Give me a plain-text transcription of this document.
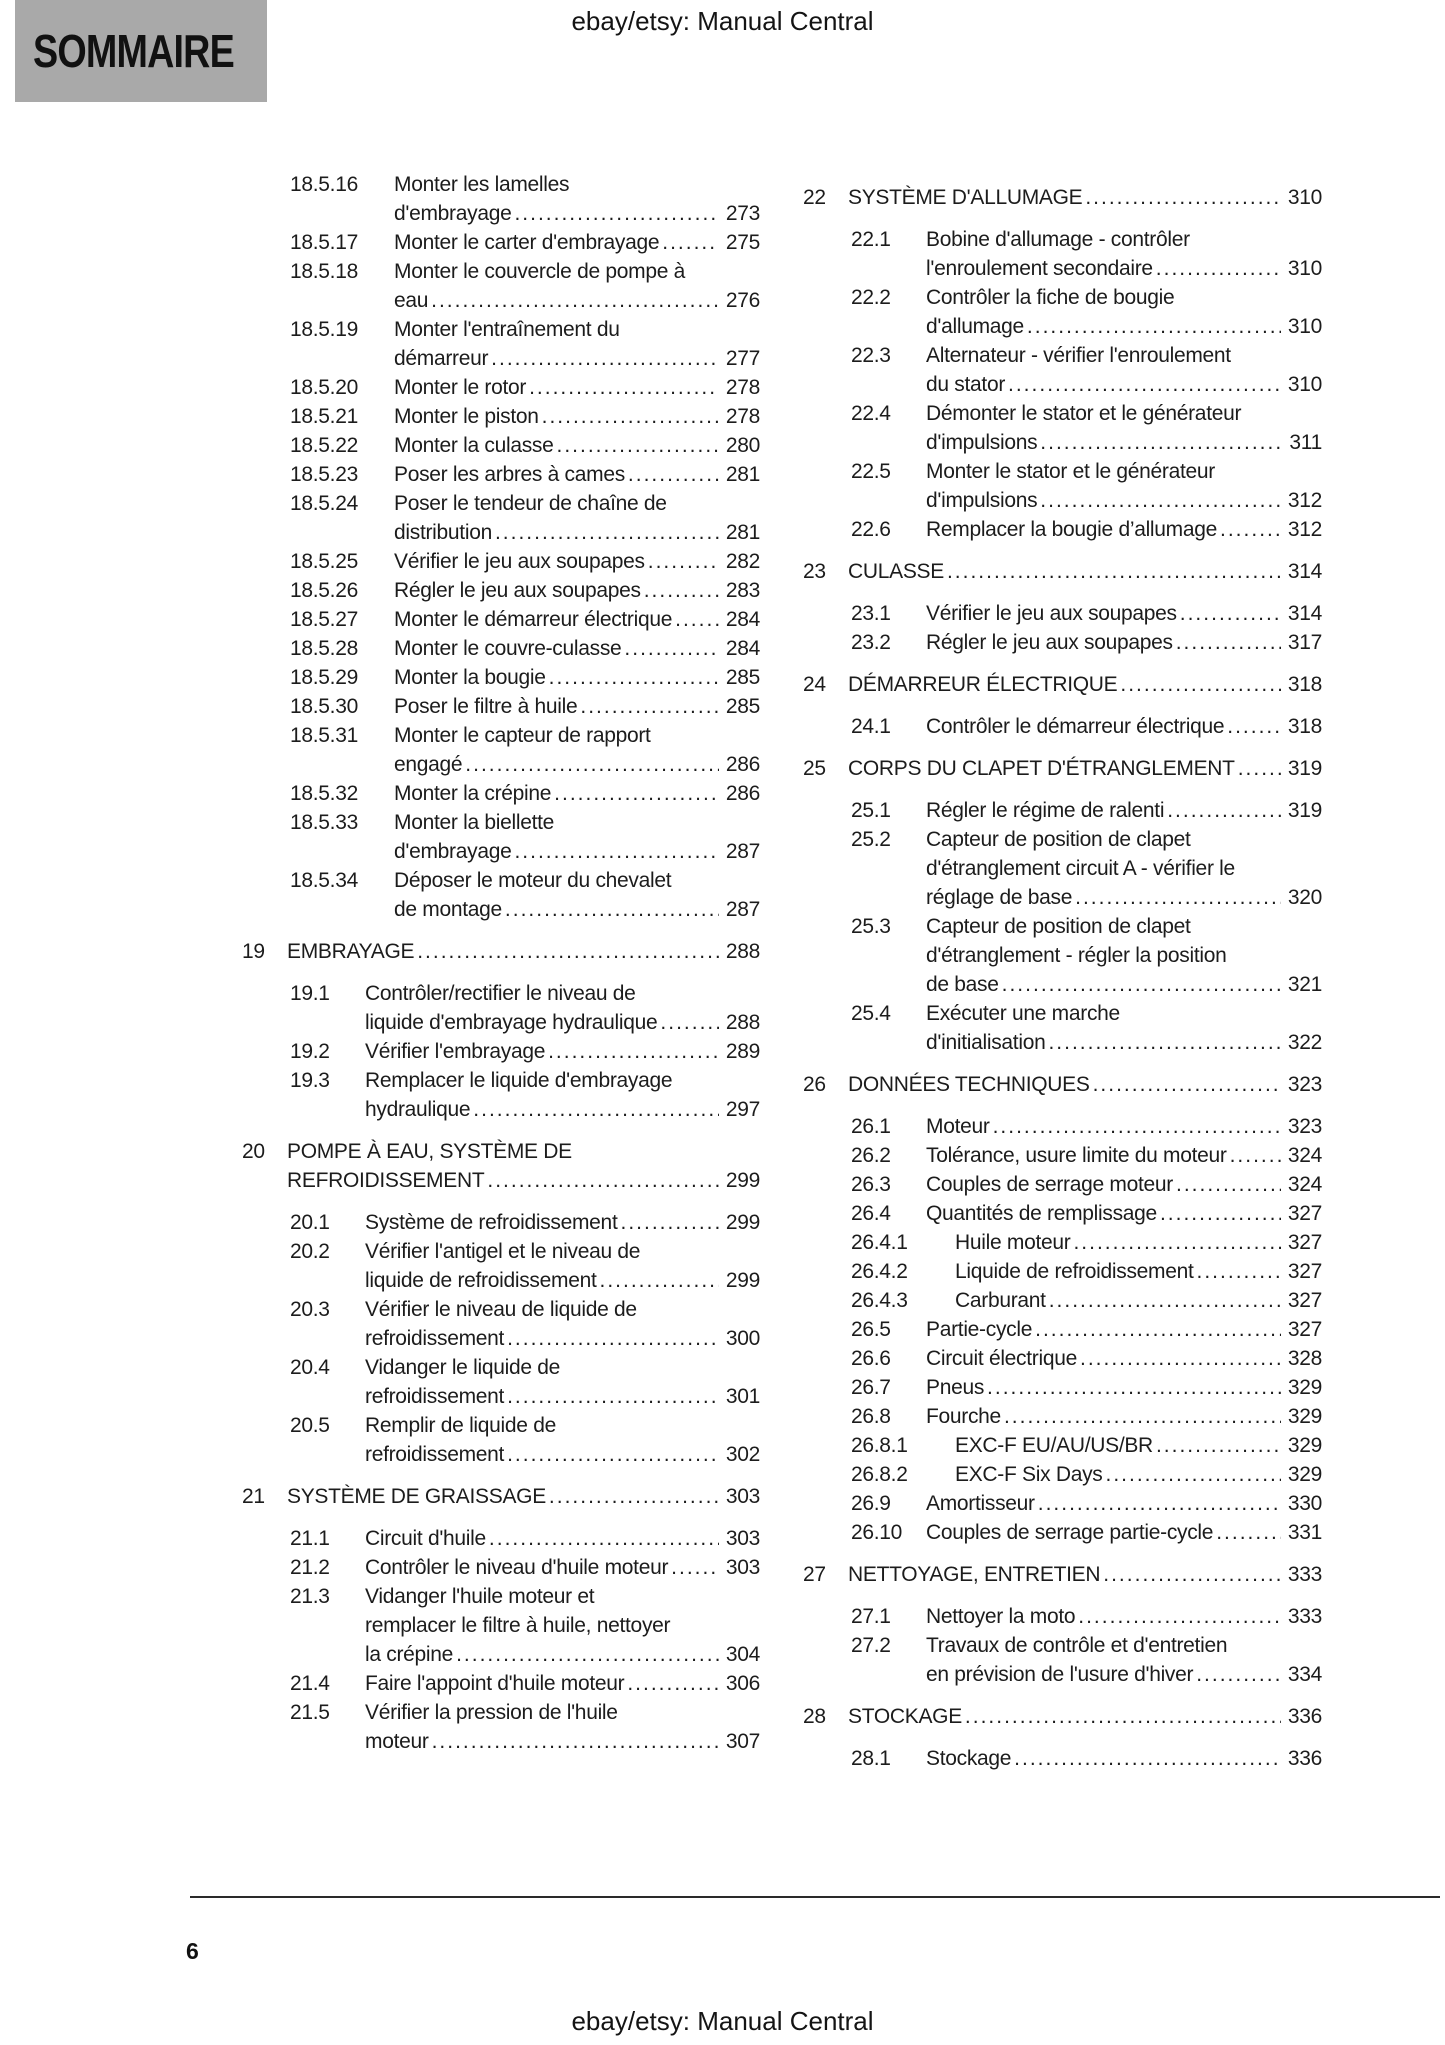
SOMMAIRE
ebay/etsy: Manual Central
18.5.16	Monter les lamelles
d'embrayage .....	273
18.5.17	Monter le carter d'embrayage .....	275
18.5.18	Monter le couvercle de pompe à
eau .....	276
18.5.19	Monter l'entraînement du
démarreur .....	277
18.5.20	Monter le rotor .....	278
18.5.21	Monter le piston .....	278
18.5.22	Monter la culasse .....	280
18.5.23	Poser les arbres à cames .....	281
18.5.24	Poser le tendeur de chaîne de
distribution .....	281
18.5.25	Vérifier le jeu aux soupapes .....	282
18.5.26	Régler le jeu aux soupapes .....	283
18.5.27	Monter le démarreur électrique .....	284
18.5.28	Monter le couvre-culasse .....	284
18.5.29	Monter la bougie .....	285
18.5.30	Poser le filtre à huile .....	285
18.5.31	Monter le capteur de rapport
engagé .....	286
18.5.32	Monter la crépine .....	286
18.5.33	Monter la biellette
d'embrayage .....	287
18.5.34	Déposer le moteur du chevalet
de montage .....	287
19	EMBRAYAGE .....	288
19.1	Contrôler/rectifier le niveau de
liquide d'embrayage hydraulique .....	288
19.2	Vérifier l'embrayage .....	289
19.3	Remplacer le liquide d'embrayage
hydraulique .....	297
20	POMPE À EAU, SYSTÈME DE
REFROIDISSEMENT .....	299
20.1	Système de refroidissement .....	299
20.2	Vérifier l'antigel et le niveau de
liquide de refroidissement .....	299
20.3	Vérifier le niveau de liquide de
refroidissement .....	300
20.4	Vidanger le liquide de
refroidissement .....	301
20.5	Remplir de liquide de
refroidissement .....	302
21	SYSTÈME DE GRAISSAGE .....	303
21.1	Circuit d'huile .....	303
21.2	Contrôler le niveau d'huile moteur .....	303
21.3	Vidanger l'huile moteur et
remplacer le filtre à huile, nettoyer
la crépine .....	304
21.4	Faire l'appoint d'huile moteur .....	306
21.5	Vérifier la pression de l'huile
moteur .....	307
22	SYSTÈME D'ALLUMAGE .....	310
22.1	Bobine d'allumage - contrôler
l'enroulement secondaire .....	310
22.2	Contrôler la fiche de bougie
d'allumage .....	310
22.3	Alternateur - vérifier l'enroulement
du stator .....	310
22.4	Démonter le stator et le générateur
d'impulsions .....	311
22.5	Monter le stator et le générateur
d'impulsions .....	312
22.6	Remplacer la bougie d’allumage .....	312
23	CULASSE .....	314
23.1	Vérifier le jeu aux soupapes .....	314
23.2	Régler le jeu aux soupapes .....	317
24	DÉMARREUR ÉLECTRIQUE .....	318
24.1	Contrôler le démarreur électrique .....	318
25	CORPS DU CLAPET D'ÉTRANGLEMENT .....	319
25.1	Régler le régime de ralenti .....	319
25.2	Capteur de position de clapet
d'étranglement circuit A - vérifier le
réglage de base .....	320
25.3	Capteur de position de clapet
d'étranglement - régler la position
de base .....	321
25.4	Exécuter une marche
d'initialisation .....	322
26	DONNÉES TECHNIQUES .....	323
26.1	Moteur .....	323
26.2	Tolérance, usure limite du moteur .....	324
26.3	Couples de serrage moteur .....	324
26.4	Quantités de remplissage .....	327
26.4.1	Huile moteur .....	327
26.4.2	Liquide de refroidissement .....	327
26.4.3	Carburant .....	327
26.5	Partie-cycle .....	327
26.6	Circuit électrique .....	328
26.7	Pneus .....	329
26.8	Fourche .....	329
26.8.1	EXC-F EU/AU/US/BR .....	329
26.8.2	EXC-F Six Days .....	329
26.9	Amortisseur .....	330
26.10	Couples de serrage partie-cycle .....	331
27	NETTOYAGE, ENTRETIEN .....	333
27.1	Nettoyer la moto .....	333
27.2	Travaux de contrôle et d'entretien
en prévision de l'usure d'hiver .....	334
28	STOCKAGE .....	336
28.1	Stockage .....	336
6
ebay/etsy: Manual Central
